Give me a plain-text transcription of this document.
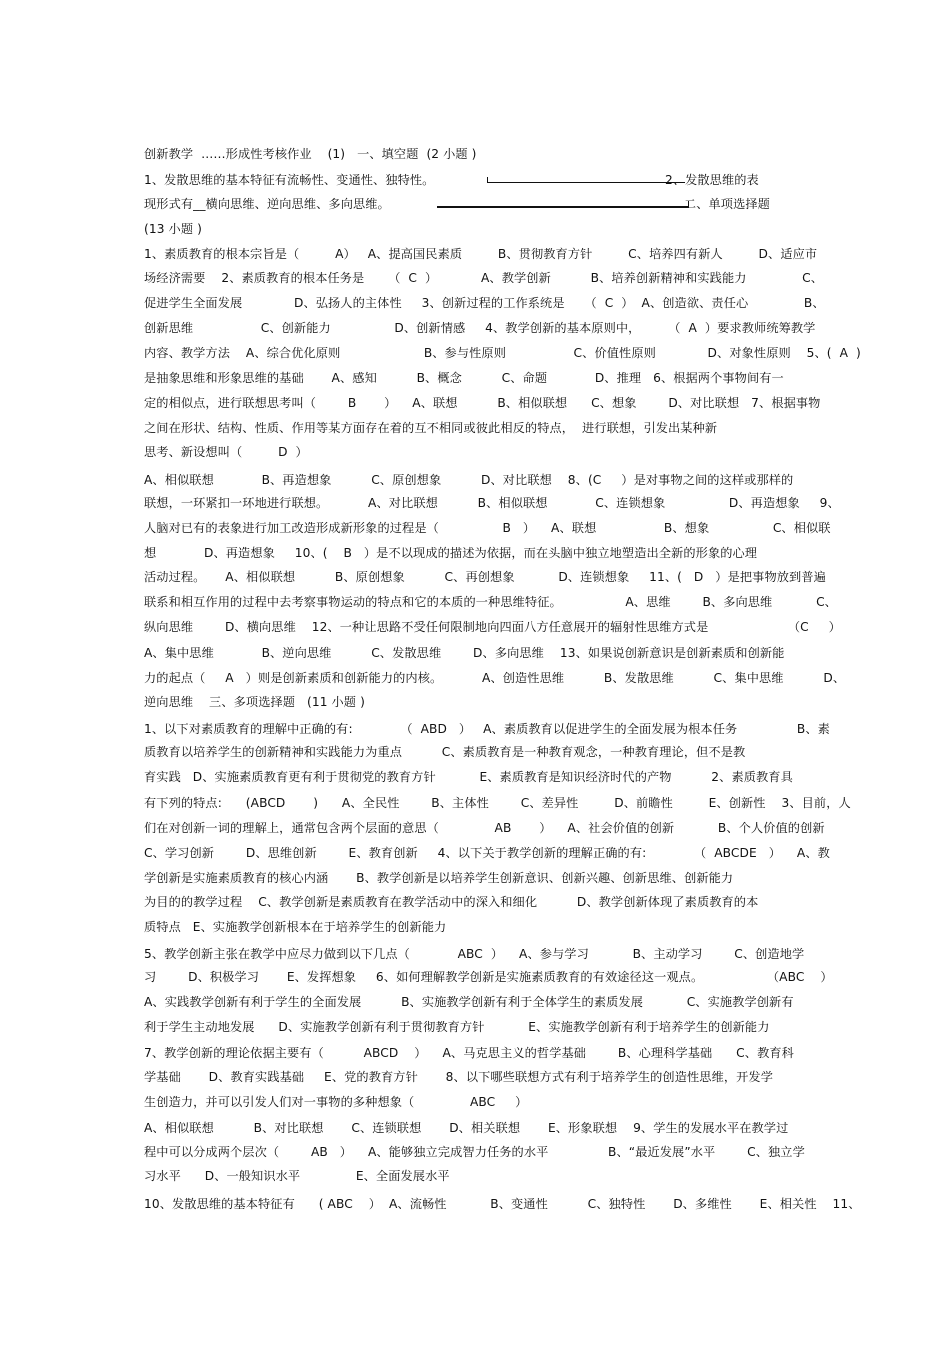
创新教学  ……形成性考核作业    (1)   一、填空题  (2 小题 )
1、发散思维的基本特征有流畅性、变通性、独特性。                                                          2、发散思维的表
现形式有__横向思维、逆向思维、多向思维。                                                                          二、单项选择题
(13 小题 )
1、素质教育的根本宗旨是（         A）   A、提高国民素质         B、贯彻教育方针         C、培养四有新人         D、适应市
场经济需要    2、素质教育的根本任务是      （  C  ）           A、教学创新          B、培养创新精神和实践能力              C、
促进学生全面发展             D、弘扬人的主体性     3、创新过程的工作系统是     （  C  ）  A、创造欲、责任心              B、
创新思维                 C、创新能力                D、创新情感     4、教学创新的基本原则中，       （  A  ）要求教师统筹教学
内容、教学方法    A、综合优化原则                     B、参与性原则                 C、价值性原则             D、对象性原则    5、(  A  )
是抽象思维和形象思维的基础       A、感知          B、概念          C、命题            D、推理   6、根据两个事物间有一
定的相似点，进行联想思考叫（        B       ）    A、联想          B、相似联想      C、想象        D、对比联想   7、根据事物
之间在形状、结构、性质、作用等某方面存在着的互不相同或彼此相反的特点，  进行联想，引发出某种新
思考、新设想叫（         D  ）
A、相似联想            B、再造想象          C、原创想象          D、对比联想    8、(C     ）是对事物之间的这样或那样的
联想，一环紧扣一环地进行联想。          A、对比联想          B、相似联想            C、连锁想象                D、再造想象     9、
人脑对已有的表象进行加工改造形成新形象的过程是（                B   ）    A、联想                 B、想象                C、相似联
想            D、再造想象     10、(    B   ）是不以现成的描述为依据，而在头脑中独立地塑造出全新的形象的心理
活动过程。     A、相似联想          B、原创想象          C、再创想象           D、连锁想象     11、(   D   ）是把事物放到普遍
联系和相互作用的过程中去考察事物运动的特点和它的本质的一种思维特征。                A、思维        B、多向思维           C、
纵向思维        D、横向思维    12、一种让思路不受任何限制地向四面八方任意展开的辐射性思维方式是                    （C     ）
A、集中思维            B、逆向思维          C、发散思维        D、多向思维    13、如果说创新意识是创新素质和创新能
力的起点（     A   ）则是创新素质和创新能力的内核。          A、创造性思维          B、发散思维          C、集中思维          D、
逆向思维    三、多项选择题   (11 小题 )
1、以下对素质教育的理解中正确的有:            （  ABD   ）   A、素质教育以促进学生的全面发展为根本任务               B、素
质教育以培养学生的创新精神和实践能力为重点          C、素质教育是一种教育观念，一种教育理论，但不是教
育实践   D、实施素质教育更有利于贯彻党的教育方针           E、素质教育是知识经济时代的产物          2、素质教育具
有下列的特点:      (ABCD       )      A、全民性        B、主体性        C、差异性         D、前瞻性         E、创新性    3、目前，人
们在对创新一词的理解上，通常包含两个层面的意思（              AB       ）    A、社会价值的创新           B、个人价值的创新
C、学习创新        D、思维创新        E、教育创新     4、以下关于教学创新的理解正确的有:            （  ABCDE   ）    A、教
学创新是实施素质教育的核心内涵       B、教学创新是以培养学生创新意识、创新兴趣、创新思维、创新能力
为目的的教学过程    C、教学创新是素质教育在教学活动中的深入和细化          D、教学创新体现了素质教育的本
质特点   E、实施教学创新根本在于培养学生的创新能力
5、教学创新主张在教学中应尽力做到以下几点（            ABC  ）    A、参与学习           B、主动学习        C、创造地学
习        D、积极学习       E、发挥想象     6、如何理解教学创新是实施素质教育的有效途径这一观点。                （ABC    ）
A、实践教学创新有利于学生的全面发展          B、实施教学创新有利于全体学生的素质发展           C、实施教学创新有
利于学生主动地发展      D、实施教学创新有利于贯彻教育方针           E、实施教学创新有利于培养学生的创新能力
7、教学创新的理论依据主要有（          ABCD    ）    A、马克思主义的哲学基础        B、心理科学基础      C、教育科
学基础       D、教育实践基础     E、党的教育方针       8、以下哪些联想方式有利于培养学生的创造性思维，开发学
生创造力，并可以引发人们对一事物的多种想象（              ABC     ）
A、相似联想          B、对比联想       C、连锁联想       D、相关联想       E、形象联想    9、学生的发展水平在教学过
程中可以分成两个层次（        AB   ）    A、能够独立完成智力任务的水平               B、“最近发展”水平        C、独立学
习水平      D、一般知识水平              E、全面发展水平
10、发散思维的基本特征有      ( ABC    ）  A、流畅性           B、变通性          C、独特性       D、多维性       E、相关性    11、
